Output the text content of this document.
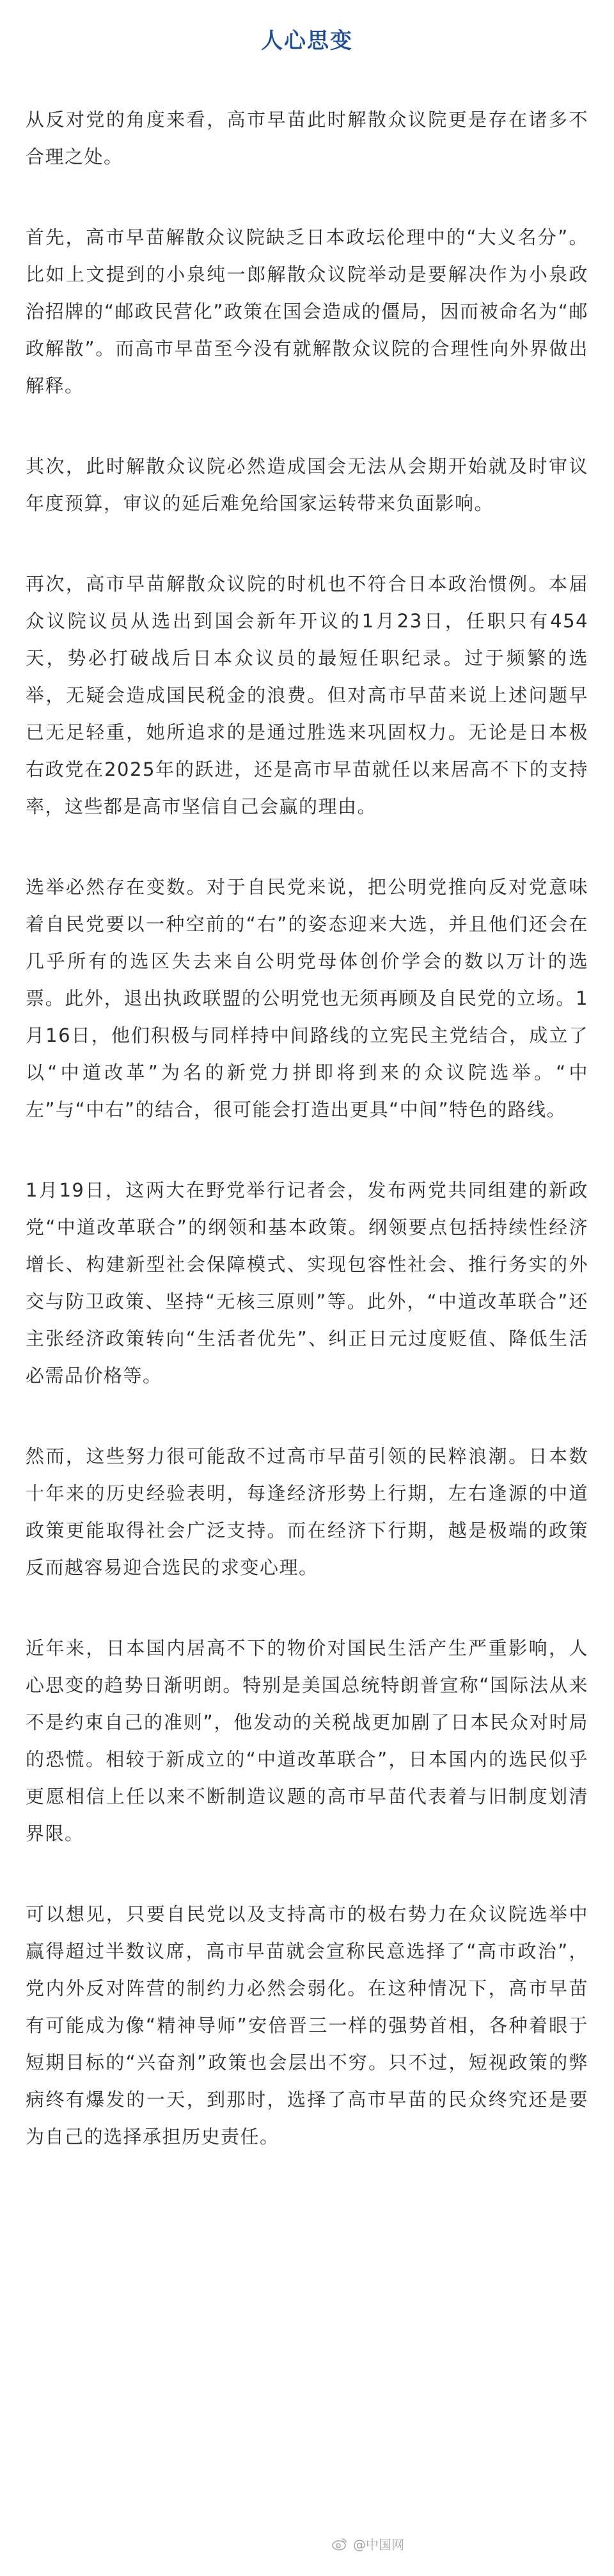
人心思变

从反对党的角度来看，高市早苗此时解散众议院更是存在诸多不合理之处。

首先，高市早苗解散众议院缺乏日本政坛伦理中的“大义名分”。比如上文提到的小泉纯一郎解散众议院举动是要解决作为小泉政治招牌的“邮政民营化”政策在国会造成的僵局，因而被命名为“邮政解散”。而高市早苗至今没有就解散众议院的合理性向外界做出解释。

其次，此时解散众议院必然造成国会无法从会期开始就及时审议年度预算，审议的延后难免给国家运转带来负面影响。

再次，高市早苗解散众议院的时机也不符合日本政治惯例。本届众议院议员从选出到国会新年开议的1月23日，任职只有454天，势必打破战后日本众议员的最短任职纪录。过于频繁的选举，无疑会造成国民税金的浪费。但对高市早苗来说上述问题早已无足轻重，她所追求的是通过胜选来巩固权力。无论是日本极右政党在2025年的跃进，还是高市早苗就任以来居高不下的支持率，这些都是高市坚信自己会赢的理由。

选举必然存在变数。对于自民党来说，把公明党推向反对党意味着自民党要以一种空前的“右”的姿态迎来大选，并且他们还会在几乎所有的选区失去来自公明党母体创价学会的数以万计的选票。此外，退出执政联盟的公明党也无须再顾及自民党的立场。1月16日，他们积极与同样持中间路线的立宪民主党结合，成立了以“中道改革”为名的新党力拼即将到来的众议院选举。“中左”与“中右”的结合，很可能会打造出更具“中间”特色的路线。

1月19日，这两大在野党举行记者会，发布两党共同组建的新政党“中道改革联合”的纲领和基本政策。纲领要点包括持续性经济增长、构建新型社会保障模式、实现包容性社会、推行务实的外交与防卫政策、坚持“无核三原则”等。此外，“中道改革联合”还主张经济政策转向“生活者优先”、纠正日元过度贬值、降低生活必需品价格等。

然而，这些努力很可能敌不过高市早苗引领的民粹浪潮。日本数十年来的历史经验表明，每逢经济形势上行期，左右逢源的中道政策更能取得社会广泛支持。而在经济下行期，越是极端的政策反而越容易迎合选民的求变心理。

近年来，日本国内居高不下的物价对国民生活产生严重影响，人心思变的趋势日渐明朗。特别是美国总统特朗普宣称“国际法从来不是约束自己的准则”，他发动的关税战更加剧了日本民众对时局的恐慌。相较于新成立的“中道改革联合”，日本国内的选民似乎更愿相信上任以来不断制造议题的高市早苗代表着与旧制度划清界限。

可以想见，只要自民党以及支持高市的极右势力在众议院选举中赢得超过半数议席，高市早苗就会宣称民意选择了“高市政治”，党内外反对阵营的制约力必然会弱化。在这种情况下，高市早苗有可能成为像“精神导师”安倍晋三一样的强势首相，各种着眼于短期目标的“兴奋剂”政策也会层出不穷。只不过，短视政策的弊病终有爆发的一天，到那时，选择了高市早苗的民众终究还是要为自己的选择承担历史责任。

@中国网
